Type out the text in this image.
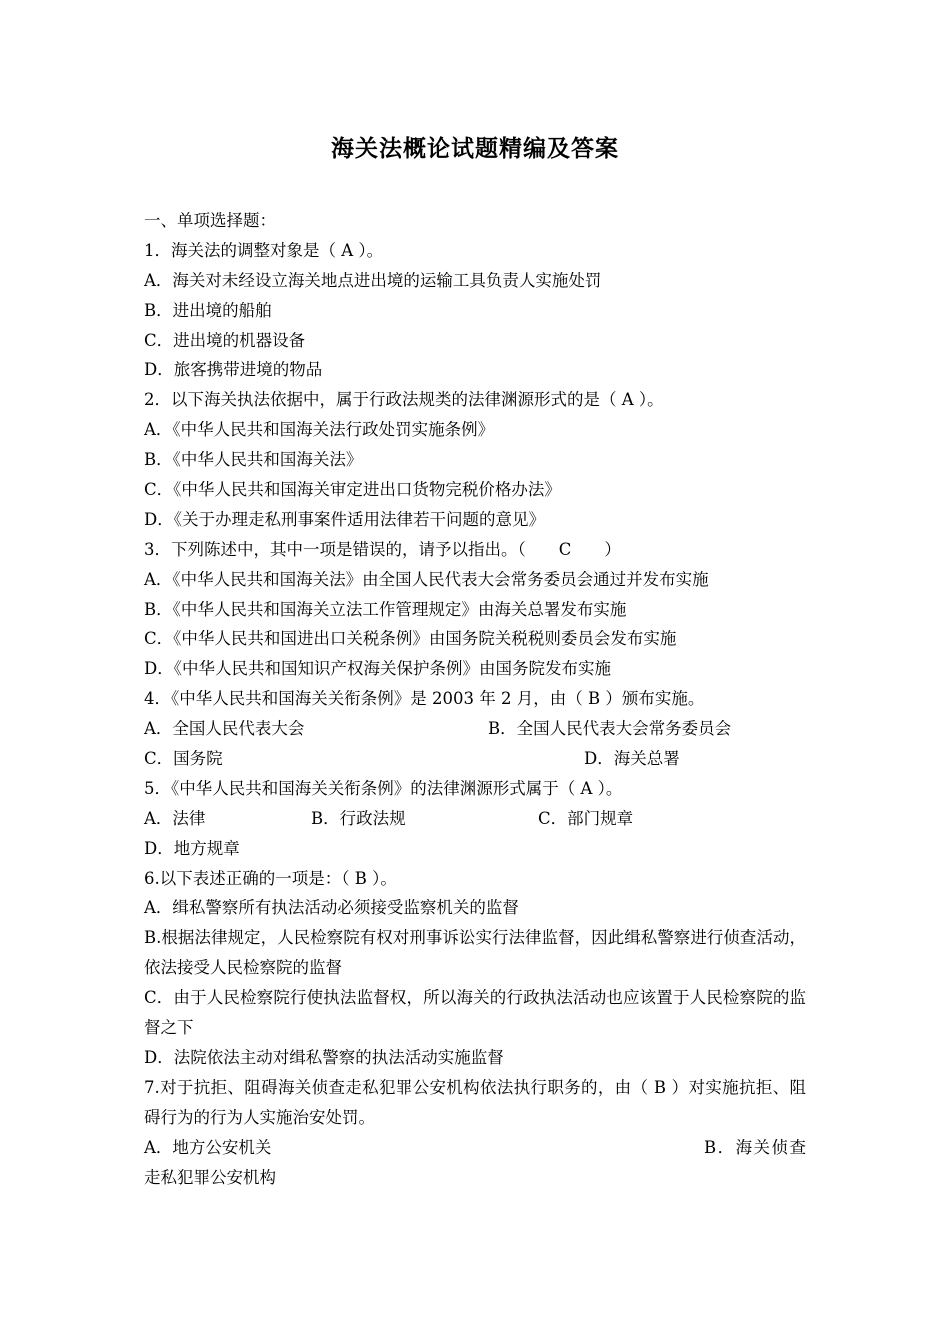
海关法概论试题精编及答案
一、单项选择题：
1．海关法的调整对象是（ A ）。
A．海关对未经设立海关地点进出境的运输工具负责人实施处罚
B．进出境的船舶
C．进出境的机器设备
D．旅客携带进境的物品
2．以下海关执法依据中，属于行政法规类的法律渊源形式的是（ A ）。
A．《中华人民共和国海关法行政处罚实施条例》
B．《中华人民共和国海关法》
C．《中华人民共和国海关审定进出口货物完税价格办法》
D．《关于办理走私刑事案件适用法律若干问题的意见》
3．下列陈述中，其中一项是错误的，请予以指出。（　　C　　）
A．《中华人民共和国海关法》由全国人民代表大会常务委员会通过并发布实施
B．《中华人民共和国海关立法工作管理规定》由海关总署发布实施
C．《中华人民共和国进出口关税条例》由国务院关税税则委员会发布实施
D．《中华人民共和国知识产权海关保护条例》由国务院发布实施
4．《中华人民共和国海关关衔条例》是 2003 年 2 月，由（ B ）颁布实施。
A．全国人民代表大会	B．全国人民代表大会常务委员会
C．国务院	D．海关总署
5．《中华人民共和国海关关衔条例》的法律渊源形式属于（ A ）。
A．法律	B．行政法规	C．部门规章
D．地方规章
6.以下表述正确的一项是：（ B ）。
A．缉私警察所有执法活动必须接受监察机关的监督
B.根据法律规定，人民检察院有权对刑事诉讼实行法律监督，因此缉私警察进行侦查活动，依法接受人民检察院的监督
C．由于人民检察院行使执法监督权，所以海关的行政执法活动也应该置于人民检察院的监督之下
D．法院依法主动对缉私警察的执法活动实施监督
7.对于抗拒、阻碍海关侦查走私犯罪公安机构依法执行职务的，由（ B ）对实施抗拒、阻碍行为的行为人实施治安处罚。
A．地方公安机关	B．海关侦查走私犯罪公安机构
